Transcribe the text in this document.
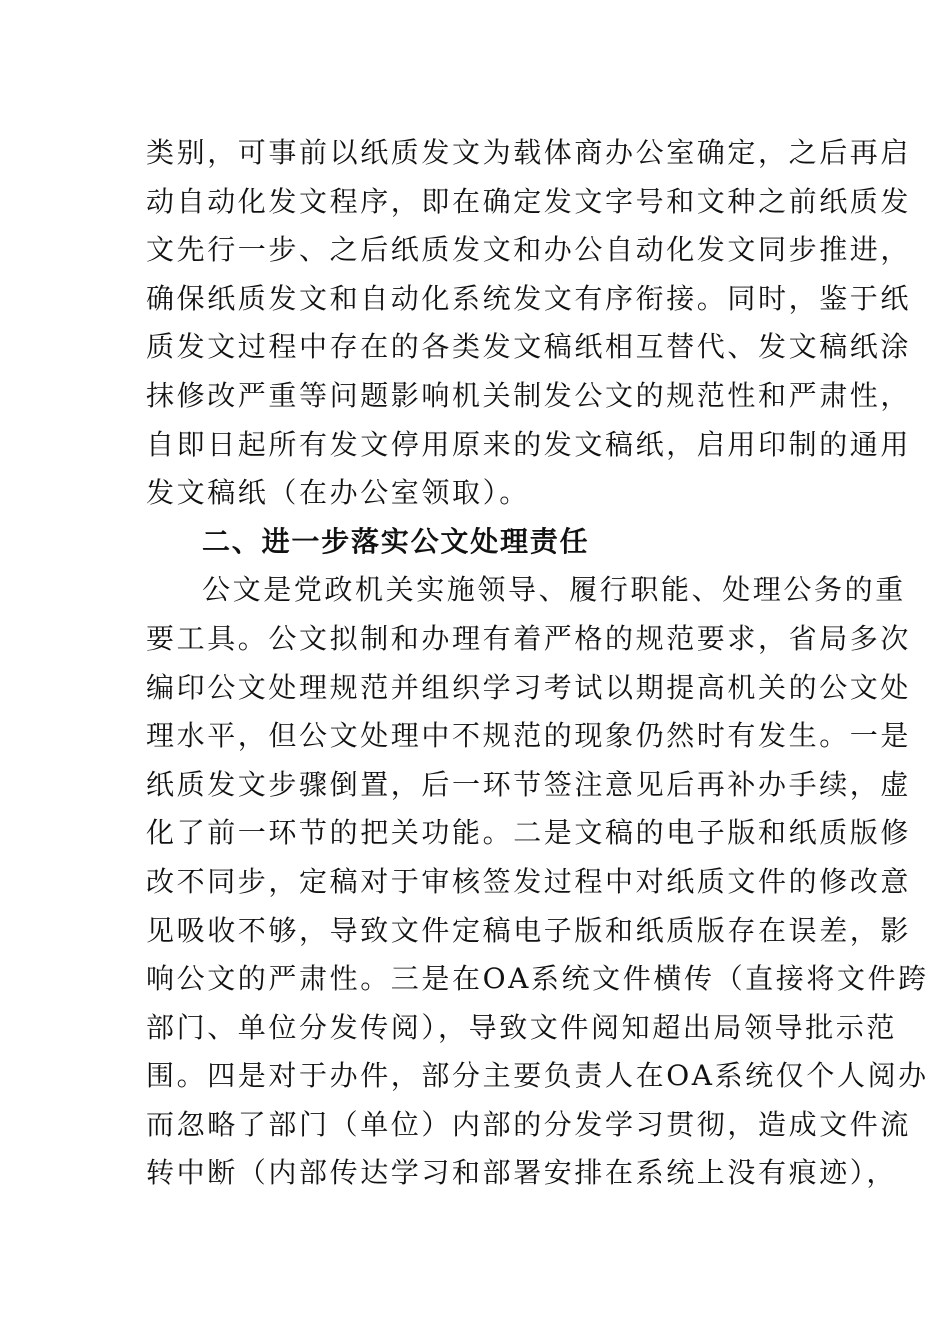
类别，可事前以纸质发文为载体商办公室确定，之后再启
动自动化发文程序，即在确定发文字号和文种之前纸质发
文先行一步、之后纸质发文和办公自动化发文同步推进，
确保纸质发文和自动化系统发文有序衔接。同时，鉴于纸
质发文过程中存在的各类发文稿纸相互替代、发文稿纸涂
抹修改严重等问题影响机关制发公文的规范性和严肃性，
自即日起所有发文停用原来的发文稿纸，启用印制的通用
发文稿纸（在办公室领取）。
二、进一步落实公文处理责任
公文是党政机关实施领导、履行职能、处理公务的重
要工具。公文拟制和办理有着严格的规范要求，省局多次
编印公文处理规范并组织学习考试以期提高机关的公文处
理水平，但公文处理中不规范的现象仍然时有发生。一是
纸质发文步骤倒置，后一环节签注意见后再补办手续，虚
化了前一环节的把关功能。二是文稿的电子版和纸质版修
改不同步，定稿对于审核签发过程中对纸质文件的修改意
见吸收不够，导致文件定稿电子版和纸质版存在误差，影
响公文的严肃性。三是在OA系统文件横传（直接将文件跨
部门、单位分发传阅），导致文件阅知超出局领导批示范
围。四是对于办件，部分主要负责人在OA系统仅个人阅办
而忽略了部门（单位）内部的分发学习贯彻，造成文件流
转中断（内部传达学习和部署安排在系统上没有痕迹），
